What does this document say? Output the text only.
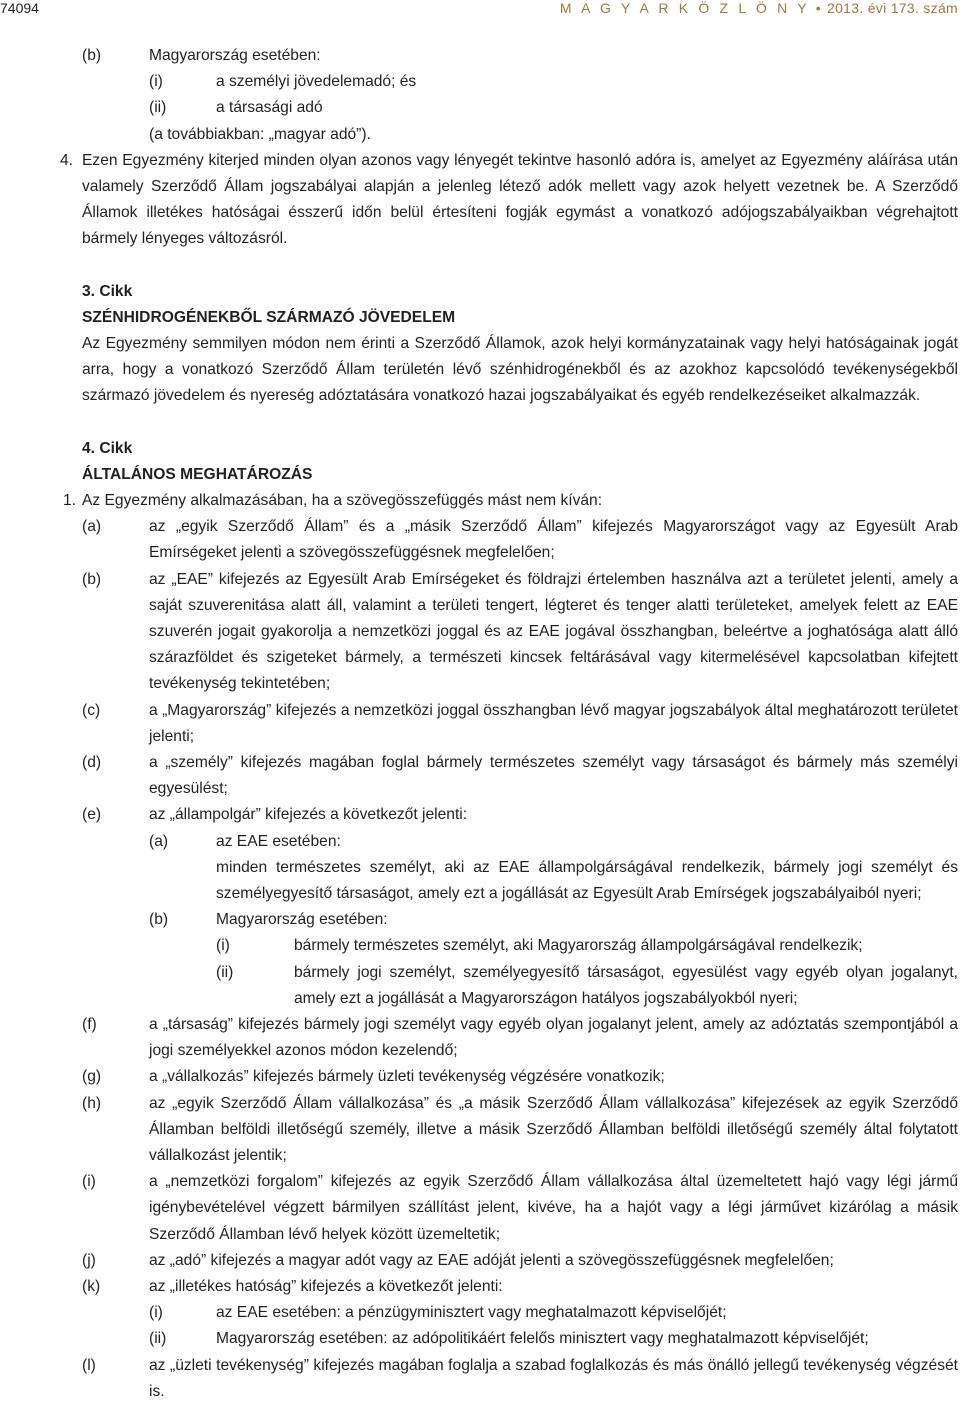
74094	M A G Y A R K Ö Z L Ö N Y • 2013. évi 173. szám
(b)	Magyarország esetében:
(i)	a személyi jövedelemadó; és
(ii)	a társasági adó
(a továbbiakban: „magyar adó”).
4. Ezen Egyezmény kiterjed minden olyan azonos vagy lényegét tekintve hasonló adóra is, amelyet az Egyezmény aláírása után valamely Szerződő Állam jogszabályai alapján a jelenleg létező adók mellett vagy azok helyett vezetnek be. A Szerződő Államok illetékes hatóságai ésszerű időn belül értesíteni fogják egymást a vonatkozó adójogszabályaikban végrehajtott bármely lényeges változásról.
3. Cikk
SZÉNHIDROGÉNEKBŐL SZÁRMAZÓ JÖVEDELEM
Az Egyezmény semmilyen módon nem érinti a Szerződő Államok, azok helyi kormányzatainak vagy helyi hatóságainak jogát arra, hogy a vonatkozó Szerződő Állam területén lévő szénhidrogénekből és az azokhoz kapcsolódó tevékenységekből származó jövedelem és nyereség adóztatására vonatkozó hazai jogszabályaikat és egyéb rendelkezéseiket alkalmazzák.
4. Cikk
ÁLTALÁNOS MEGHATÁROZÁS
1. Az Egyezmény alkalmazásában, ha a szövegösszefüggés mást nem kíván:
(a)	az „egyik Szerződő Állam” és a „másik Szerződő Állam” kifejezés Magyarországot vagy az Egyesült Arab Emírségeket jelenti a szövegösszefüggésnek megfelelően;
(b)	az „EAE” kifejezés az Egyesült Arab Emírségeket és földrajzi értelemben használva azt a területet jelenti, amely a saját szuverenitása alatt áll, valamint a területi tengert, légteret és tenger alatti területeket, amelyek felett az EAE szuverén jogait gyakorolja a nemzetközi joggal és az EAE jogával összhangban, beleértve a joghatósága alatt álló szárazföldet és szigeteket bármely, a természeti kincsek feltárásával vagy kitermelésével kapcsolatban kifejtett tevékenység tekintetében;
(c)	a „Magyarország” kifejezés a nemzetközi joggal összhangban lévő magyar jogszabályok által meghatározott területet jelenti;
(d)	a „személy” kifejezés magában foglal bármely természetes személyt vagy társaságot és bármely más személyi egyesülést;
(e)	az „állampolgár” kifejezés a következőt jelenti:
(a)	az EAE esetében:
minden természetes személyt, aki az EAE állampolgárságával rendelkezik, bármely jogi személyt és személyegyesítő társaságot, amely ezt a jogállását az Egyesült Arab Emírségek jogszabályaiból nyeri;
(b)	Magyarország esetében:
(i)	bármely természetes személyt, aki Magyarország állampolgárságával rendelkezik;
(ii)	bármely jogi személyt, személyegyesítő társaságot, egyesülést vagy egyéb olyan jogalanyt, amely ezt a jogállását a Magyarországon hatályos jogszabályokból nyeri;
(f)	a „társaság” kifejezés bármely jogi személyt vagy egyéb olyan jogalanyt jelent, amely az adóztatás szempontjából a jogi személyekkel azonos módon kezelendő;
(g)	a „vállalkozás” kifejezés bármely üzleti tevékenység végzésére vonatkozik;
(h)	az „egyik Szerződő Állam vállalkozása” és „a másik Szerződő Állam vállalkozása” kifejezések az egyik Szerződő Államban belföldi illetőségű személy, illetve a másik Szerződő Államban belföldi illetőségű személy által folytatott vállalkozást jelentik;
(i)	a „nemzetközi forgalom” kifejezés az egyik Szerződő Állam vállalkozása által üzemeltetett hajó vagy légi jármű igénybevételével végzett bármilyen szállítást jelent, kivéve, ha a hajót vagy a légi járművet kizárólag a másik Szerződő Államban lévő helyek között üzemeltetik;
(j)	az „adó” kifejezés a magyar adót vagy az EAE adóját jelenti a szövegösszefüggésnek megfelelően;
(k)	az „illetékes hatóság” kifejezés a következőt jelenti:
(i)	az EAE esetében: a pénzügyminisztert vagy meghatalmazott képviselőjét;
(ii)	Magyarország esetében: az adópolitikáért felelős minisztert vagy meghatalmazott képviselőjét;
(l)	az „üzleti tevékenység” kifejezés magában foglalja a szabad foglalkozás és más önálló jellegű tevékenység végzését is.
